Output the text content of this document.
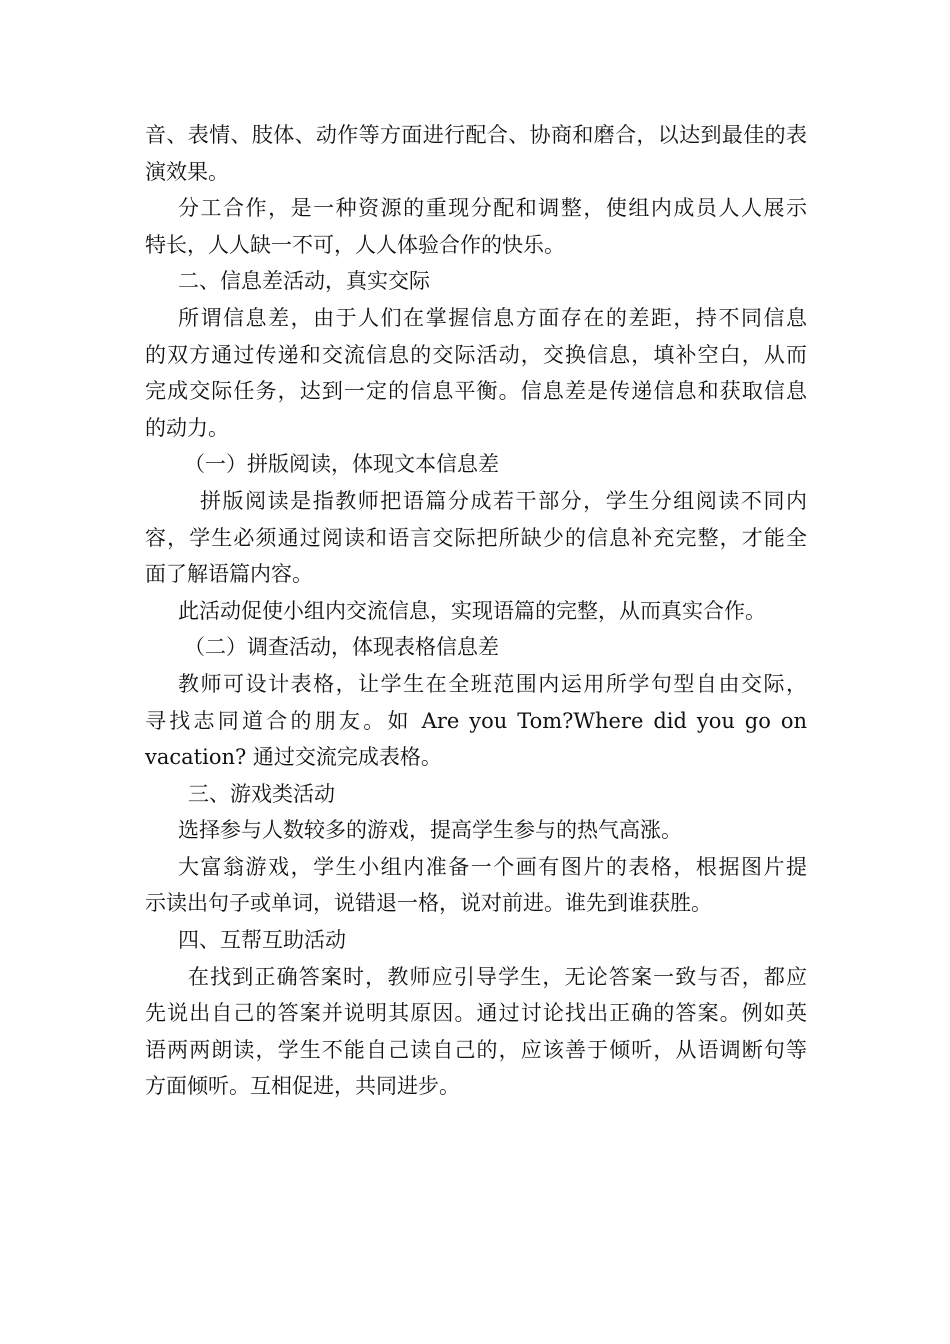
音、表情、肢体、动作等方面进行配合、协商和磨合，以达到最佳的表
演效果。
分工合作，是一种资源的重现分配和调整，使组内成员人人展示
特长，人人缺一不可，人人体验合作的快乐。
二、信息差活动，真实交际
所谓信息差，由于人们在掌握信息方面存在的差距，持不同信息
的双方通过传递和交流信息的交际活动，交换信息，填补空白，从而
完成交际任务，达到一定的信息平衡。信息差是传递信息和获取信息
的动力。
（一）拼版阅读，体现文本信息差
拼版阅读是指教师把语篇分成若干部分，学生分组阅读不同内
容，学生必须通过阅读和语言交际把所缺少的信息补充完整，才能全
面了解语篇内容。
此活动促使小组内交流信息，实现语篇的完整，从而真实合作。
（二）调查活动，体现表格信息差
教师可设计表格，让学生在全班范围内运用所学句型自由交际，
寻找志同道合的朋友。如 Are you Tom?Where did you go on
vacation? 通过交流完成表格。
三、游戏类活动
选择参与人数较多的游戏，提高学生参与的热气高涨。
大富翁游戏，学生小组内准备一个画有图片的表格，根据图片提
示读出句子或单词，说错退一格，说对前进。谁先到谁获胜。
四、互帮互助活动
在找到正确答案时，教师应引导学生，无论答案一致与否，都应
先说出自己的答案并说明其原因。通过讨论找出正确的答案。例如英
语两两朗读，学生不能自己读自己的，应该善于倾听，从语调断句等
方面倾听。互相促进，共同进步。
